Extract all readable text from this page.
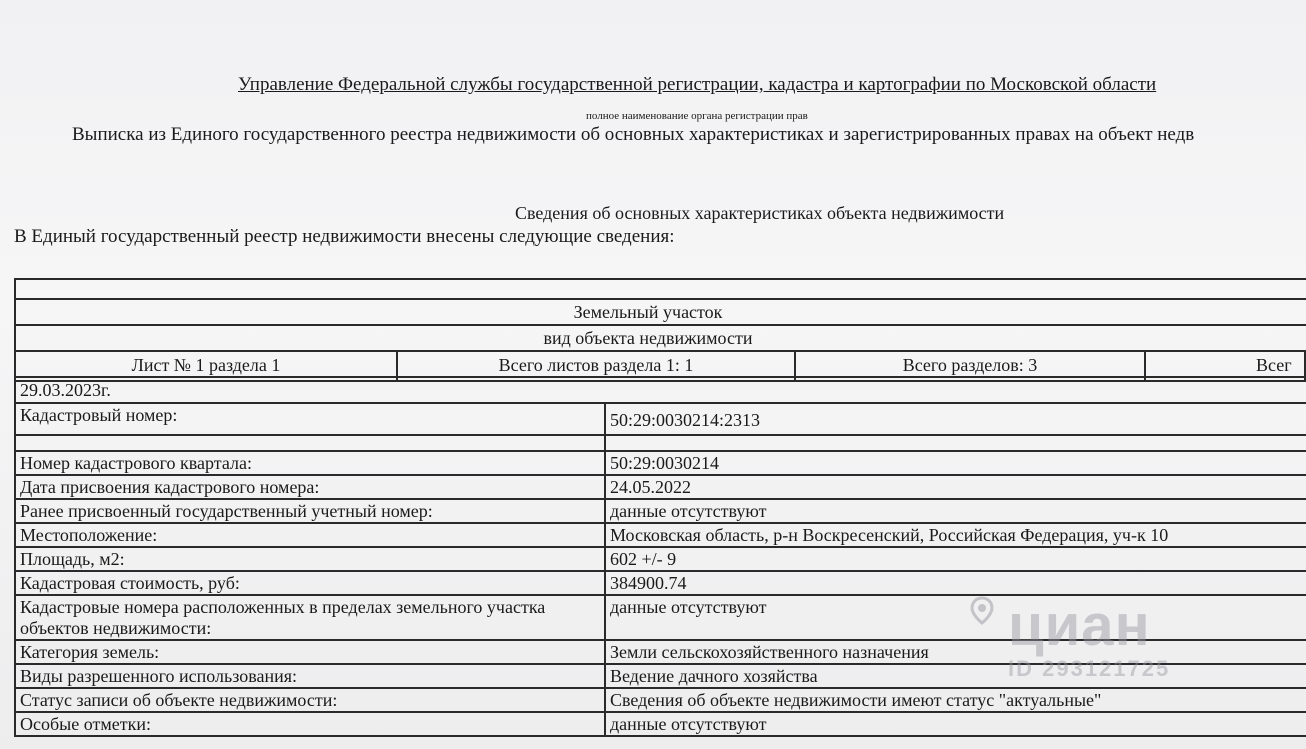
Управление Федеральной службы государственной регистрации, кадастра и картографии по Московской области
полное наименование органа регистрации прав
Выписка из Единого государственного реестра недвижимости об основных характеристиках и зарегистрированных правах на объект недв
Сведения об основных характеристиках объекта недвижимости
В Единый государственный реестр недвижимости внесены следующие сведения:
Земельный участок
вид объекта недвижимости
Лист № 1 раздела 1	Всего листов раздела 1: 1	Всего разделов: 3	Всег
29.03.2023г.
Кадастровый номер:	50:29:0030214:2313
Номер кадастрового квартала:	50:29:0030214
Дата присвоения кадастрового номера:	24.05.2022
Ранее присвоенный государственный учетный номер:	данные отсутствуют
Местоположение:	Московская область, р-н Воскресенский, Российская Федерация, уч-к 10
Площадь, м2:	602 +/- 9
Кадастровая стоимость, руб:	384900.74
Кадастровые номера расположенных в пределах земельного участка объектов недвижимости:
данные отсутствуют
Категория земель:	Земли сельскохозяйственного назначения
Виды разрешенного использования:	Ведение дачного хозяйства
Статус записи об объекте недвижимости:	Сведения об объекте недвижимости имеют статус "актуальные"
Особые отметки:	данные отсутствуют
циан
ID 293121725
